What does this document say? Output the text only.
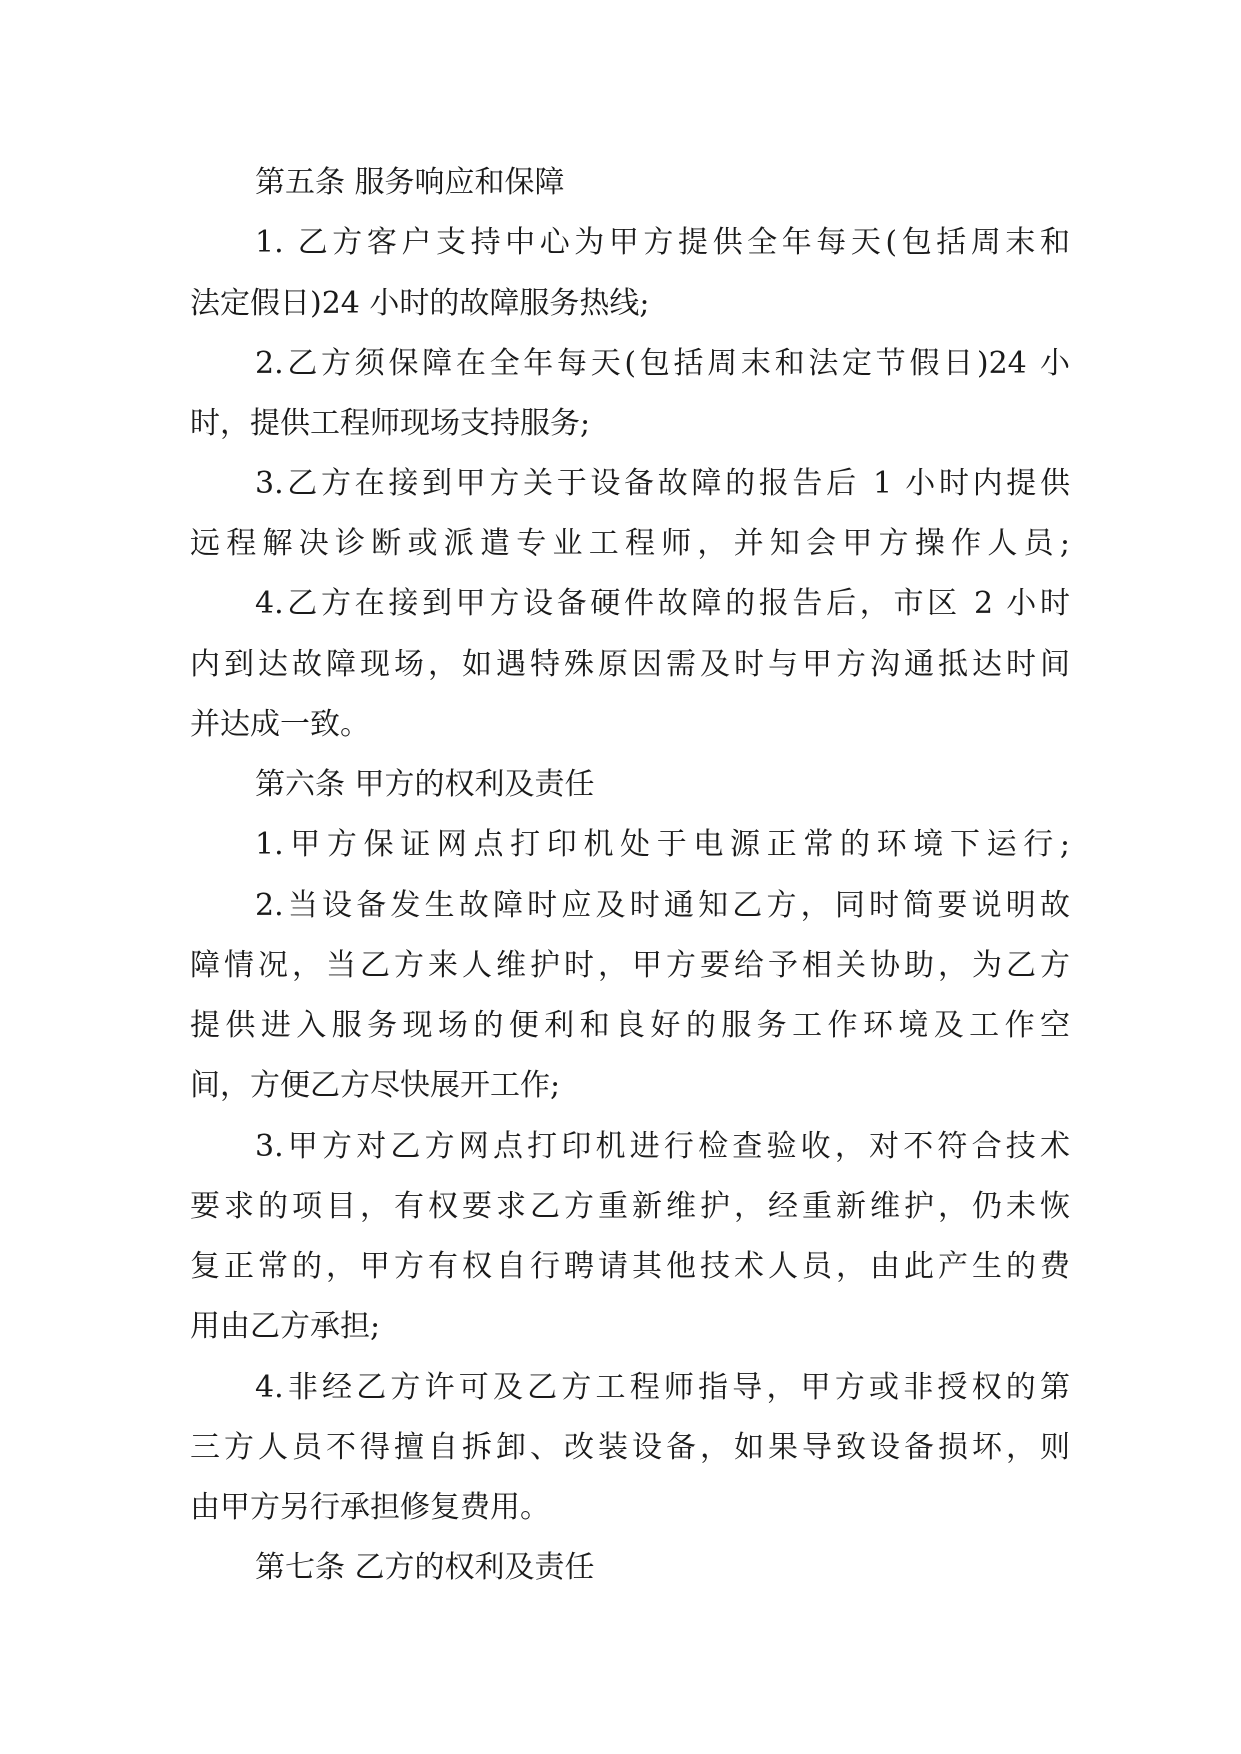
第五条 服务响应和保障
1. 乙方客户支持中心为甲方提供全年每天(包括周末和
法定假日)24 小时的故障服务热线;
2.乙方须保障在全年每天(包括周末和法定节假日)24 小
时，提供工程师现场支持服务;
3.乙方在接到甲方关于设备故障的报告后 1 小时内提供
远程解决诊断或派遣专业工程师，并知会甲方操作人员;
4.乙方在接到甲方设备硬件故障的报告后，市区 2 小时
内到达故障现场，如遇特殊原因需及时与甲方沟通抵达时间
并达成一致。
第六条 甲方的权利及责任
1.甲方保证网点打印机处于电源正常的环境下运行;
2.当设备发生故障时应及时通知乙方，同时简要说明故
障情况，当乙方来人维护时，甲方要给予相关协助，为乙方
提供进入服务现场的便利和良好的服务工作环境及工作空
间，方便乙方尽快展开工作;
3.甲方对乙方网点打印机进行检查验收，对不符合技术
要求的项目，有权要求乙方重新维护，经重新维护，仍未恢
复正常的，甲方有权自行聘请其他技术人员，由此产生的费
用由乙方承担;
4.非经乙方许可及乙方工程师指导，甲方或非授权的第
三方人员不得擅自拆卸、改装设备，如果导致设备损坏，则
由甲方另行承担修复费用。
第七条 乙方的权利及责任
